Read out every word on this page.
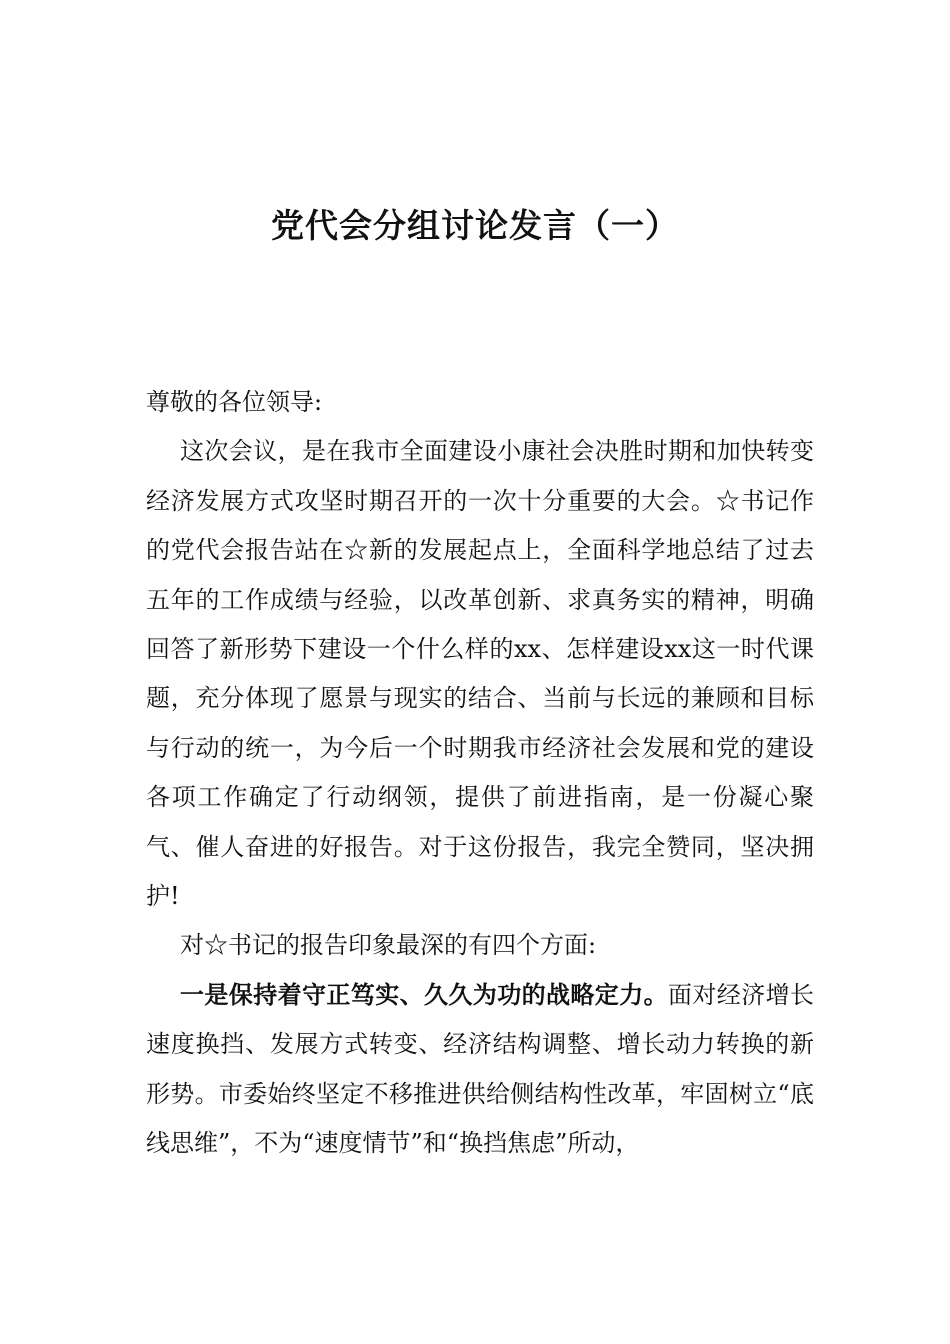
党代会分组讨论发言（一）

尊敬的各位领导:

这次会议，是在我市全面建设小康社会决胜时期和加快转变经济发展方式攻坚时期召开的一次十分重要的大会。☆书记作的党代会报告站在☆新的发展起点上，全面科学地总结了过去五年的工作成绩与经验，以改革创新、求真务实的精神，明确回答了新形势下建设一个什么样的xx、怎样建设xx这一时代课题，充分体现了愿景与现实的结合、当前与长远的兼顾和目标与行动的统一，为今后一个时期我市经济社会发展和党的建设各项工作确定了行动纲领，提供了前进指南，是一份凝心聚气、催人奋进的好报告。对于这份报告，我完全赞同，坚决拥护!

对☆书记的报告印象最深的有四个方面:

一是保持着守正笃实、久久为功的战略定力。面对经济增长速度换挡、发展方式转变、经济结构调整、增长动力转换的新形势。市委始终坚定不移推进供给侧结构性改革，牢固树立“底线思维”，不为“速度情节”和“换挡焦虑”所动，
